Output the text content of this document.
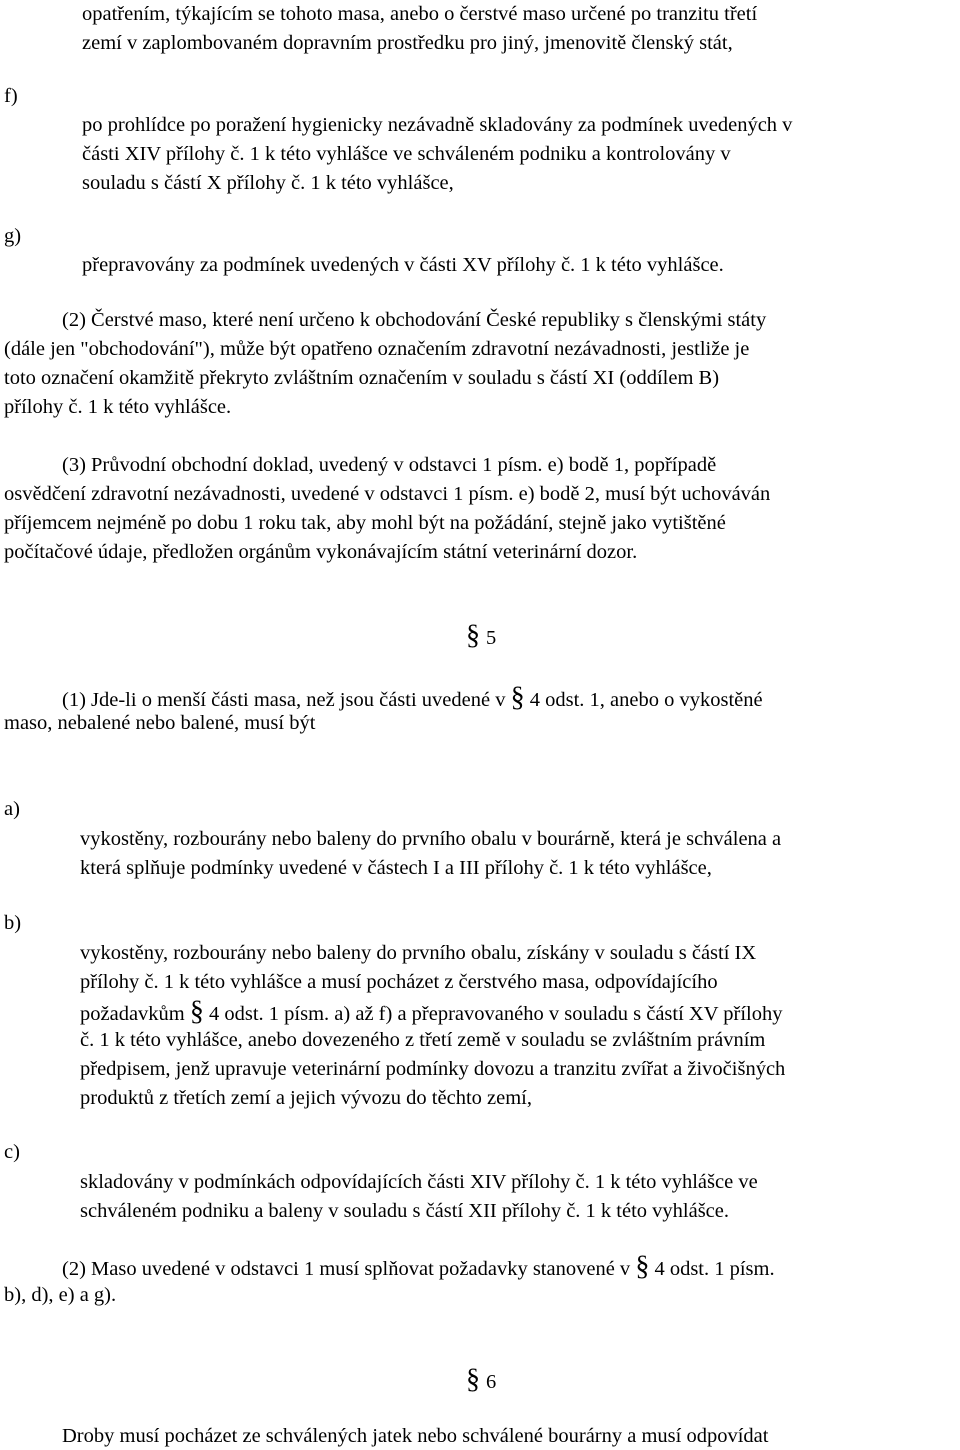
opatřením, týkajícím se tohoto masa, anebo o čerstvé maso určené po tranzitu třetí
zemí v zaplombovaném dopravním prostředku pro jiný, jmenovitě členský stát,
f)
po prohlídce po poražení hygienicky nezávadně skladovány za podmínek uvedených v
části XIV přílohy č. 1 k této vyhlášce ve schváleném podniku a kontrolovány v
souladu s částí X přílohy č. 1 k této vyhlášce,
g)
přepravovány za podmínek uvedených v části XV přílohy č. 1 k této vyhlášce.
(2) Čerstvé maso, které není určeno k obchodování České republiky s členskými státy
(dále jen "obchodování"), může být opatřeno označením zdravotní nezávadnosti, jestliže je
toto označení okamžitě překryto zvláštním označením v souladu s částí XI (oddílem B)
přílohy č. 1 k této vyhlášce.
(3) Průvodní obchodní doklad, uvedený v odstavci 1 písm. e) bodě 1, popřípadě
osvědčení zdravotní nezávadnosti, uvedené v odstavci 1 písm. e) bodě 2, musí být uchováván
příjemcem nejméně po dobu 1 roku tak, aby mohl být na požádání, stejně jako vytištěné
počítačové údaje, předložen orgánům vykonávajícím státní veterinární dozor.
§ 5
(1) Jde-li o menší části masa, než jsou části uvedené v § 4 odst. 1, anebo o vykostěné
maso, nebalené nebo balené, musí být
a)
vykostěny, rozbourány nebo baleny do prvního obalu v bourárně, která je schválena a
která splňuje podmínky uvedené v částech I a III přílohy č. 1 k této vyhlášce,
b)
vykostěny, rozbourány nebo baleny do prvního obalu, získány v souladu s částí IX
přílohy č. 1 k této vyhlášce a musí pocházet z čerstvého masa, odpovídajícího
požadavkům § 4 odst. 1 písm. a) až f) a přepravovaného v souladu s částí XV přílohy
č. 1 k této vyhlášce, anebo dovezeného z třetí země v souladu se zvláštním právním
předpisem, jenž upravuje veterinární podmínky dovozu a tranzitu zvířat a živočišných
produktů z třetích zemí a jejich vývozu do těchto zemí,
c)
skladovány v podmínkách odpovídajících části XIV přílohy č. 1 k této vyhlášce ve
schváleném podniku a baleny v souladu s částí XII přílohy č. 1 k této vyhlášce.
(2) Maso uvedené v odstavci 1 musí splňovat požadavky stanovené v § 4 odst. 1 písm.
b), d), e) a g).
§ 6
Droby musí pocházet ze schválených jatek nebo schválené bourárny a musí odpovídat
